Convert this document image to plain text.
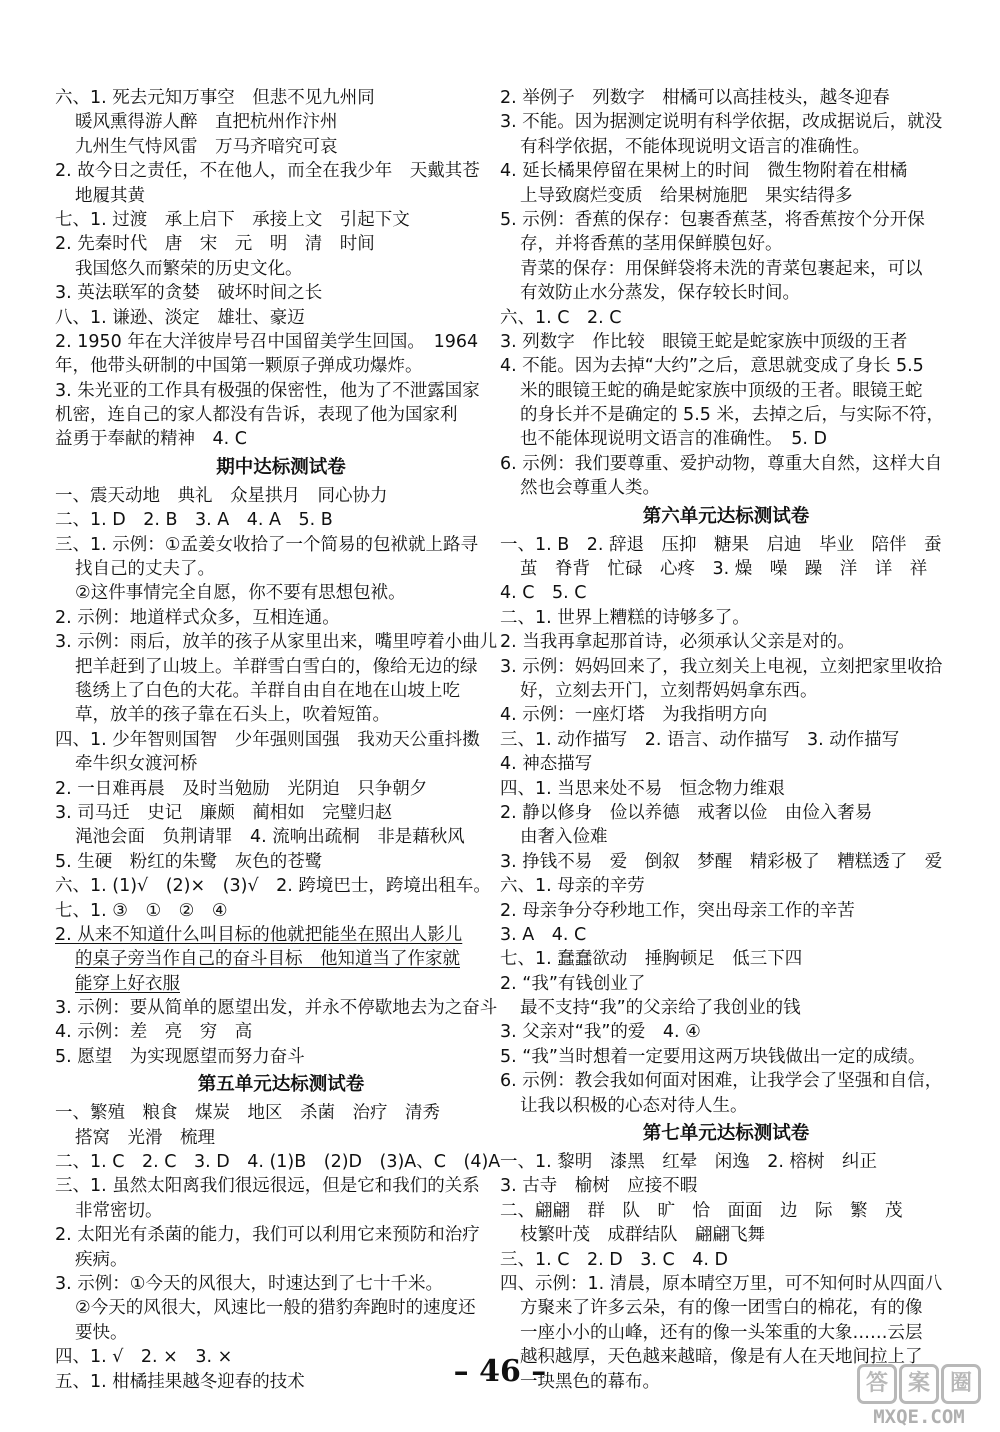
六、1. 死去元知万事空　但悲不见九州同
暖风熏得游人醉　直把杭州作汴州
九州生气恃风雷　万马齐喑究可哀
2. 故今日之责任，不在他人，而全在我少年　天戴其苍
地履其黄
七、1. 过渡　承上启下　承接上文　引起下文
2. 先秦时代　唐　宋　元　明　清　时间
我国悠久而繁荣的历史文化。
3. 英法联军的贪婪　破坏时间之长
八、1. 谦逊、淡定　雄壮、豪迈
2. 1950 年在大洋彼岸号召中国留美学生回国。　1964
年，他带头研制的中国第一颗原子弹成功爆炸。
3. 朱光亚的工作具有极强的保密性，他为了不泄露国家
机密，连自己的家人都没有告诉，表现了他为国家利
益勇于奉献的精神　4. C
期中达标测试卷
一、震天动地　典礼　众星拱月　同心协力
二、1. D　2. B　3. A　4. A　5. B
三、1. 示例：①孟姜女收拾了一个简易的包袱就上路寻
找自己的丈夫了。
②这件事情完全自愿，你不要有思想包袱。
2. 示例：地道样式众多，互相连通。
3. 示例：雨后，放羊的孩子从家里出来，嘴里哼着小曲儿
把羊赶到了山坡上。羊群雪白雪白的，像给无边的绿
毯绣上了白色的大花。羊群自由自在地在山坡上吃
草，放羊的孩子靠在石头上，吹着短笛。
四、1. 少年智则国智　少年强则国强　我劝天公重抖擞
牵牛织女渡河桥
2. 一日难再晨　及时当勉励　光阴迫　只争朝夕
3. 司马迁　史记　廉颇　蔺相如　完璧归赵
渑池会面　负荆请罪　4. 流响出疏桐　非是藉秋风
5. 生硬　粉红的朱鹭　灰色的苍鹭
六、1. (1)√　(2)×　(3)√　2. 跨境巴士，跨境出租车。
七、1. ③　①　②　④
2. 从来不知道什么叫目标的他就把能坐在照出人影儿
的桌子旁当作自己的奋斗目标　他知道当了作家就
能穿上好衣服
3. 示例：要从简单的愿望出发，并永不停歇地去为之奋斗
4. 示例：差　亮　穷　高
5. 愿望　为实现愿望而努力奋斗
第五单元达标测试卷
一、繁殖　粮食　煤炭　地区　杀菌　治疗　清秀
搭窝　光滑　梳理
二、1. C　2. C　3. D　4. (1)B　(2)D　(3)A、C　(4)A
三、1. 虽然太阳离我们很远很远，但是它和我们的关系
非常密切。
2. 太阳光有杀菌的能力，我们可以利用它来预防和治疗
疾病。
3. 示例：①今天的风很大，时速达到了七十千米。
②今天的风很大，风速比一般的猎豹奔跑时的速度还
要快。
四、1. √　2. ×　3. ×
五、1. 柑橘挂果越冬迎春的技术
2. 举例子　列数字　柑橘可以高挂枝头，越冬迎春
3. 不能。因为据测定说明有科学依据，改成据说后，就没
有科学依据，不能体现说明文语言的准确性。
4. 延长橘果停留在果树上的时间　微生物附着在柑橘
上导致腐烂变质　给果树施肥　果实结得多
5. 示例：香蕉的保存：包裹香蕉茎，将香蕉按个分开保
存，并将香蕉的茎用保鲜膜包好。
青菜的保存：用保鲜袋将未洗的青菜包裹起来，可以
有效防止水分蒸发，保存较长时间。
六、1. C　2. C
3. 列数字　作比较　眼镜王蛇是蛇家族中顶级的王者
4. 不能。因为去掉“大约”之后，意思就变成了身长 5.5
米的眼镜王蛇的确是蛇家族中顶级的王者。眼镜王蛇
的身长并不是确定的 5.5 米，去掉之后，与实际不符，
也不能体现说明文语言的准确性。　5. D
6. 示例：我们要尊重、爱护动物，尊重大自然，这样大自
然也会尊重人类。
第六单元达标测试卷
一、1. B　2. 辞退　压抑　糖果　启迪　毕业　陪伴　蚕
茧　脊背　忙碌　心疼　3. 燥　噪　躁　洋　详　祥
4. C　5. C
二、1. 世界上糟糕的诗够多了。
2. 当我再拿起那首诗，必须承认父亲是对的。
3. 示例：妈妈回来了，我立刻关上电视，立刻把家里收拾
好，立刻去开门，立刻帮妈妈拿东西。
4. 示例：一座灯塔　为我指明方向
三、1. 动作描写　2. 语言、动作描写　3. 动作描写
4. 神态描写
四、1. 当思来处不易　恒念物力维艰
2. 静以修身　俭以养德　戒奢以俭　由俭入奢易
由奢入俭难
3. 挣钱不易　爱　倒叙　梦醒　精彩极了　糟糕透了　爱
六、1. 母亲的辛劳
2. 母亲争分夺秒地工作，突出母亲工作的辛苦
3. A　4. C
七、1. 蠢蠢欲动　捶胸顿足　低三下四
2. “我”有钱创业了
最不支持“我”的父亲给了我创业的钱
3. 父亲对“我”的爱　4. ④
5. “我”当时想着一定要用这两万块钱做出一定的成绩。
6. 示例：教会我如何面对困难，让我学会了坚强和自信，
让我以积极的心态对待人生。
第七单元达标测试卷
一、1. 黎明　漆黑　红晕　闲逸　2. 榕树　纠正
3. 古寺　榆树　应接不暇
二、翩翩　群　队　旷　恰　面面　边　际　繁　茂
枝繁叶茂　成群结队　翩翩飞舞
三、1. C　2. D　3. C　4. D
四、示例：1. 清晨，原本晴空万里，可不知何时从四面八
方聚来了许多云朵，有的像一团雪白的棉花，有的像
一座小小的山峰，还有的像一头笨重的大象……云层
越积越厚，天色越来越暗，像是有人在天地间拉上了
一块黑色的幕布。
– 46 –	答 案 圈
MXQE.COM
